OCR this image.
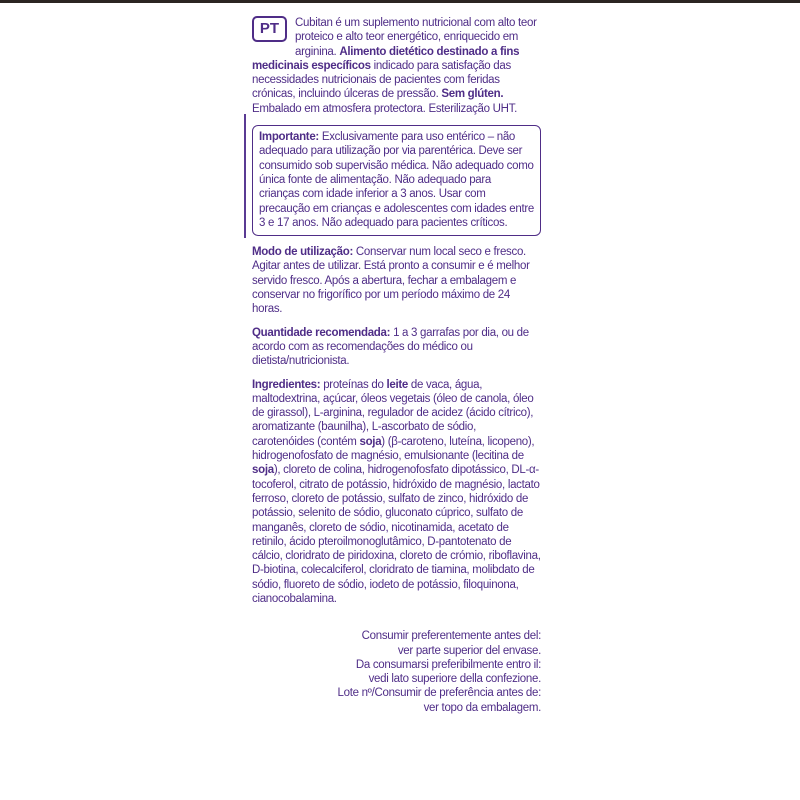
PT Cubitan é um suplemento nutricional com alto teor proteico e alto teor energético, enriquecido em arginina. Alimento dietético destinado a fins medicinais específicos indicado para satisfação das necessidades nutricionais de pacientes com feridas crónicas, incluindo úlceras de pressão. Sem glúten. Embalado em atmosfera protectora. Esterilização UHT.
Importante: Exclusivamente para uso entérico – não adequado para utilização por via parentérica. Deve ser consumido sob supervisão médica. Não adequado como única fonte de alimentação. Não adequado para crianças com idade inferior a 3 anos. Usar com precaução em crianças e adolescentes com idades entre 3 e 17 anos. Não adequado para pacientes críticos.
Modo de utilização: Conservar num local seco e fresco. Agitar antes de utilizar. Está pronto a consumir e é melhor servido fresco. Após a abertura, fechar a embalagem e conservar no frigorífico por um período máximo de 24 horas.
Quantidade recomendada: 1 a 3 garrafas por dia, ou de acordo com as recomendações do médico ou dietista/nutricionista.
Ingredientes: proteínas do leite de vaca, água, maltodextrina, açúcar, óleos vegetais (óleo de canola, óleo de girassol), L-arginina, regulador de acidez (ácido cítrico), aromatizante (baunilha), L-ascorbato de sódio, carotenóides (contém soja) (β-caroteno, luteína, licopeno), hidrogenofosfato de magnésio, emulsionante (lecitina de soja), cloreto de colina, hidrogenofosfato dipotássico, DL-α-tocoferol, citrato de potássio, hidróxido de magnésio, lactato ferroso, cloreto de potássio, sulfato de zinco, hidróxido de potássio, selenito de sódio, gluconato cúprico, sulfato de manganês, cloreto de sódio, nicotinamida, acetato de retinilo, ácido pteroilmonoglutâmico, D-pantotenato de cálcio, cloridrato de piridoxina, cloreto de crómio, riboflavina, D-biotina, colecalciferol, cloridrato de tiamina, molibdato de sódio, fluoreto de sódio, iodeto de potássio, filoquinona, cianocobalamina.
Consumir preferentemente antes del:
ver parte superior del envase.
Da consumarsi preferibilmente entro il:
vedi lato superiore della confezione.
Lote nº/Consumir de preferência antes de:
ver topo da embalagem.
